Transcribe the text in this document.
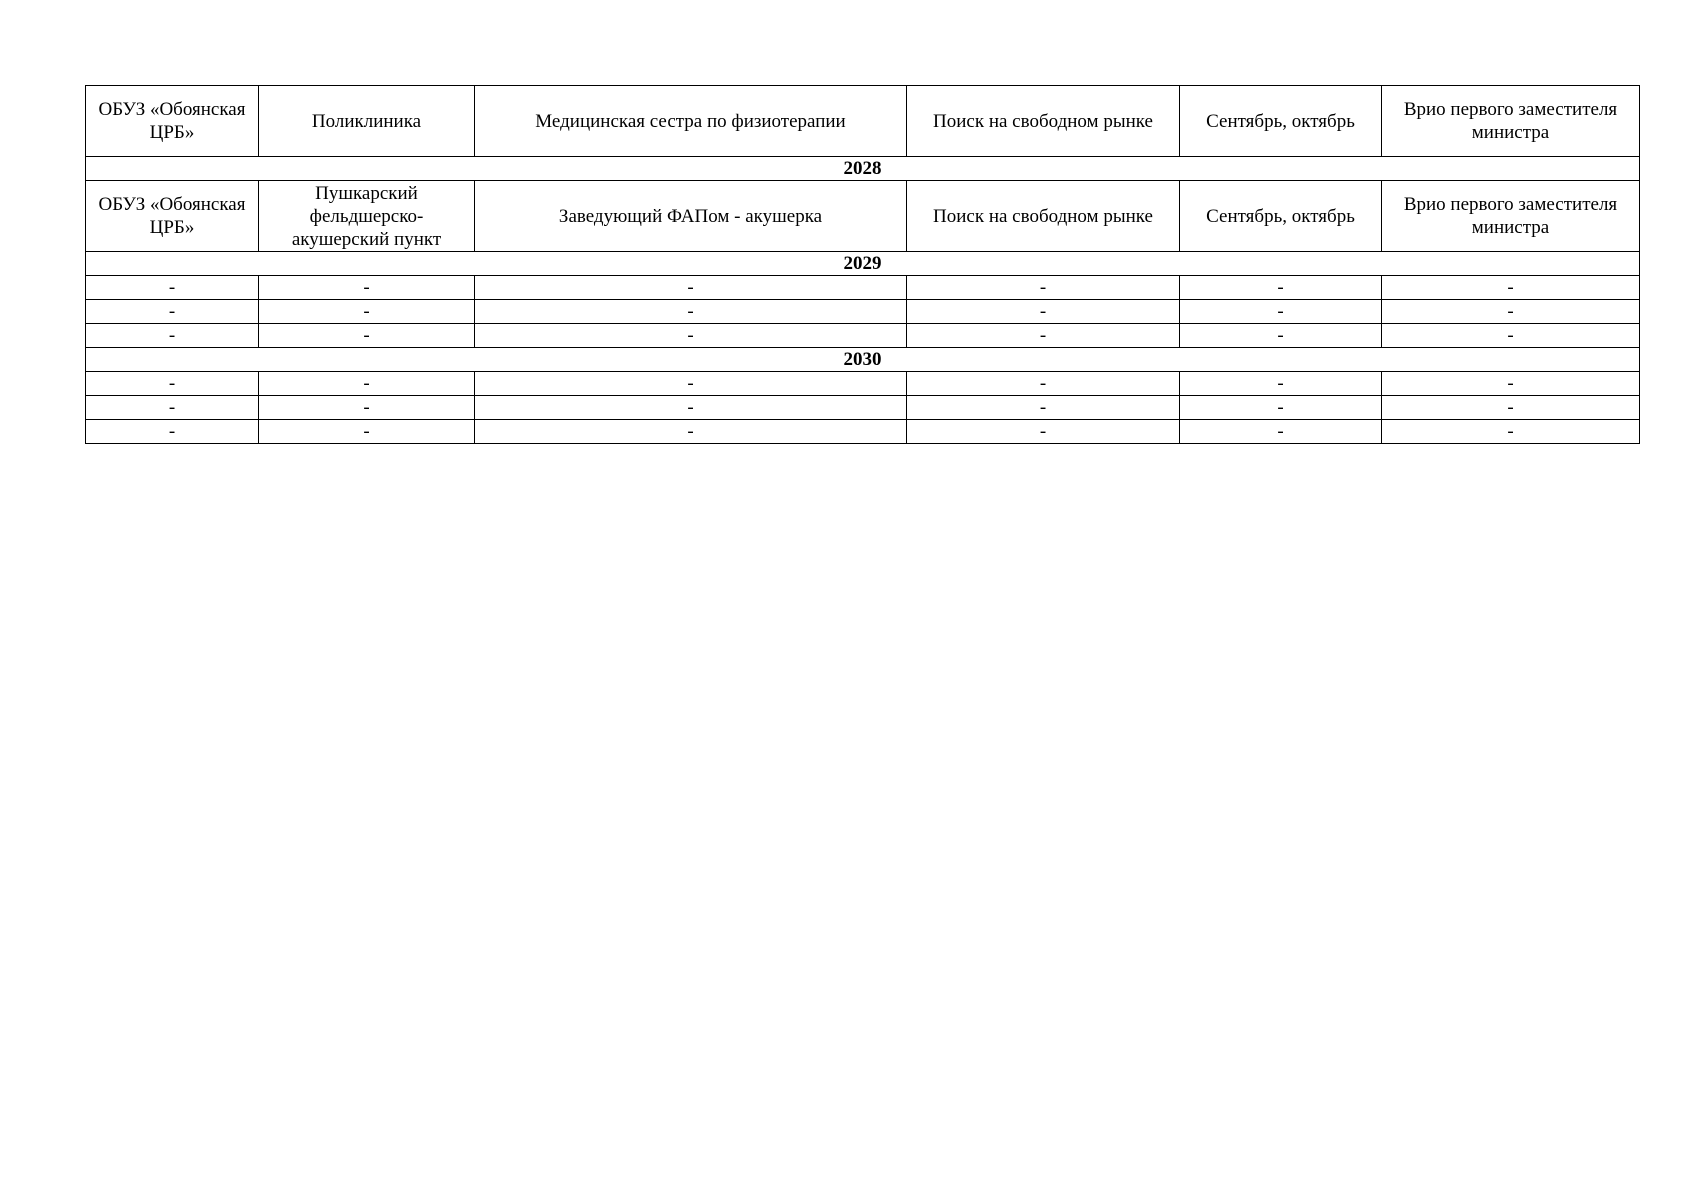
ОБУЗ «Обоянская ЦРБ»	Поликлиника	Медицинская сестра по физиотерапии	Поиск на свободном рынке	Сентябрь, октябрь	Врио первого заместителя министра
2028					
ОБУЗ «Обоянская ЦРБ»	Пушкарский фельдшерско-акушерский пункт	Заведующий ФАПом - акушерка	Поиск на свободном рынке	Сентябрь, октябрь	Врио первого заместителя министра
2029					
-	-	-	-	-	-
-	-	-	-	-	-
-	-	-	-	-	-
2030					
-	-	-	-	-	-
-	-	-	-	-	-
-	-	-	-	-	-
